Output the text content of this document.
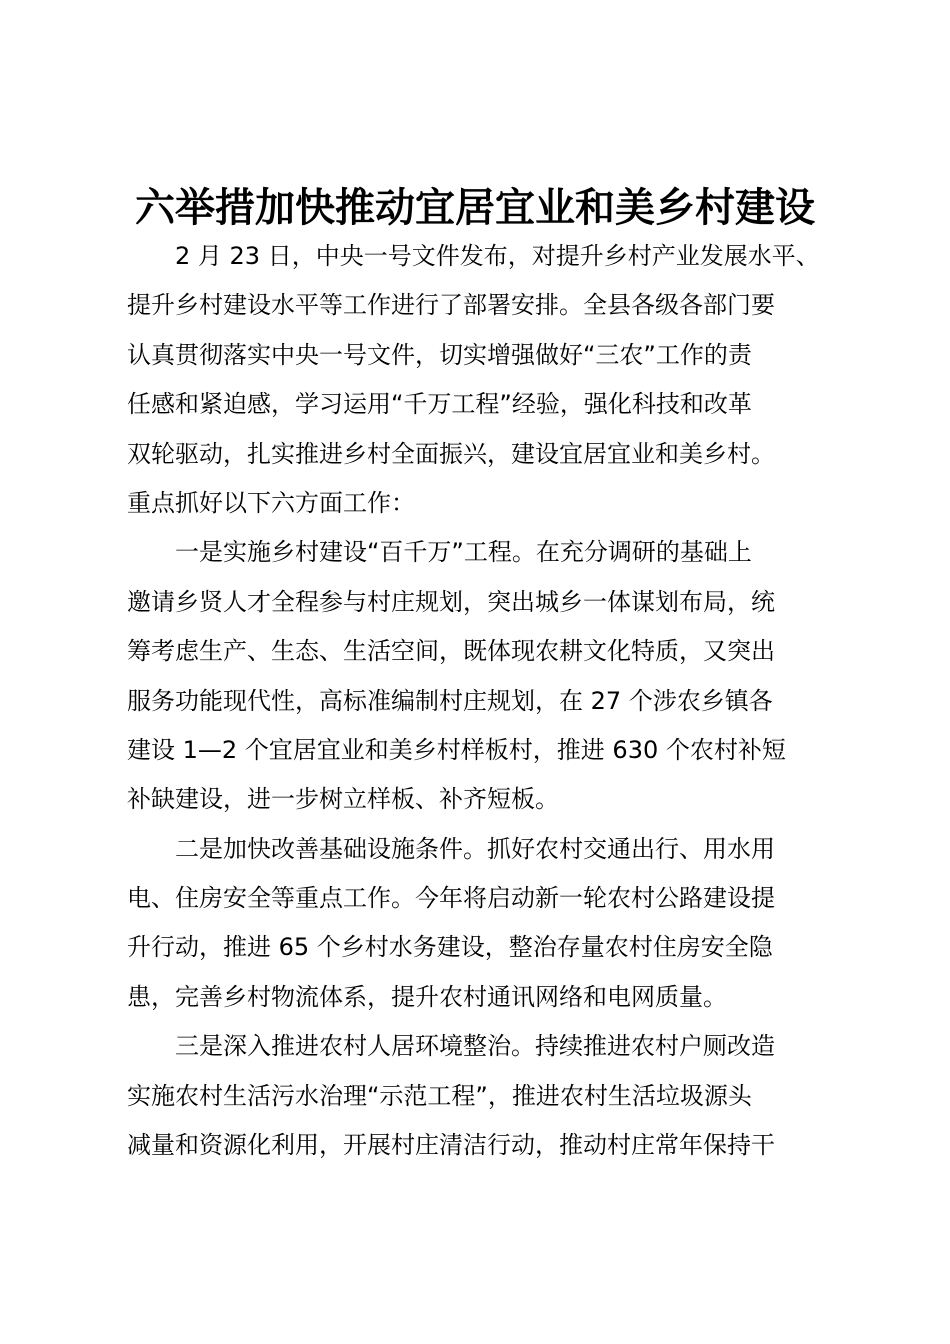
六举措加快推动宜居宜业和美乡村建设
2 月 23 日，中央一号文件发布，对提升乡村产业发展水平、
提升乡村建设水平等工作进行了部署安排。全县各级各部门要
认真贯彻落实中央一号文件，切实增强做好“三农”工作的责
任感和紧迫感，学习运用“千万工程”经验，强化科技和改革
双轮驱动，扎实推进乡村全面振兴，建设宜居宜业和美乡村。
重点抓好以下六方面工作：
一是实施乡村建设“百千万”工程。在充分调研的基础上
邀请乡贤人才全程参与村庄规划，突出城乡一体谋划布局，统
筹考虑生产、生态、生活空间，既体现农耕文化特质，又突出
服务功能现代性，高标准编制村庄规划，在 27 个涉农乡镇各
建设 1—2 个宜居宜业和美乡村样板村，推进 630 个农村补短
补缺建设，进一步树立样板、补齐短板。
二是加快改善基础设施条件。抓好农村交通出行、用水用
电、住房安全等重点工作。今年将启动新一轮农村公路建设提
升行动，推进 65 个乡村水务建设，整治存量农村住房安全隐
患，完善乡村物流体系，提升农村通讯网络和电网质量。
三是深入推进农村人居环境整治。持续推进农村户厕改造
实施农村生活污水治理“示范工程”，推进农村生活垃圾源头
减量和资源化利用，开展村庄清洁行动，推动村庄常年保持干
